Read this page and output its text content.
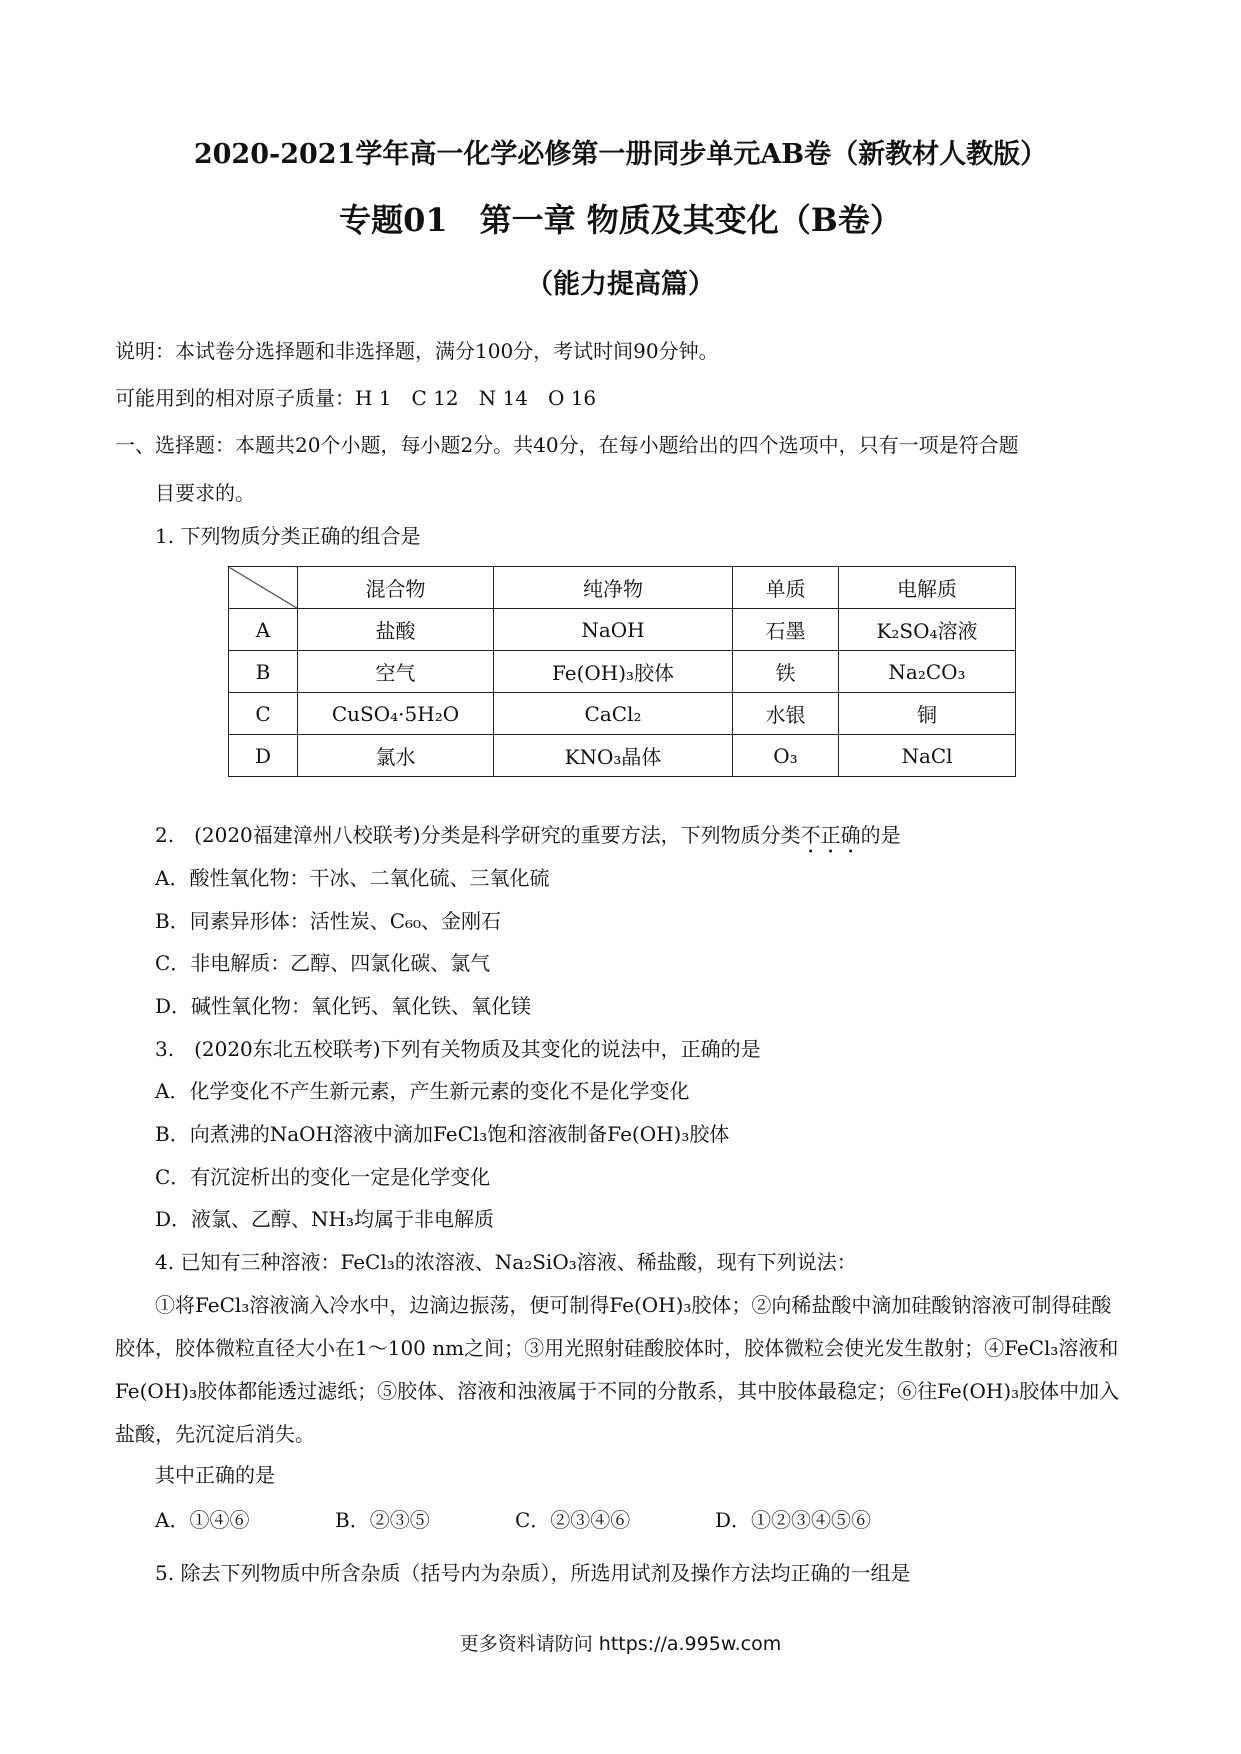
2020-2021学年高一化学必修第一册同步单元AB卷（新教材人教版）
专题01　第一章 物质及其变化（B卷）
（能力提高篇）
说明：本试卷分选择题和非选择题，满分100分，考试时间90分钟。
可能用到的相对原子质量：H 1　C 12　N 14　O 16
一、选择题：本题共20个小题，每小题2分。共40分，在每小题给出的四个选项中，只有一项是符合题
目要求的。
1. 下列物质分类正确的组合是
	混合物	纯净物	单质	电解质
A	盐酸	NaOH	石墨	K₂SO₄溶液
B	空气	Fe(OH)₃胶体	铁	Na₂CO₃
C	CuSO₄·5H₂O	CaCl₂	水银	铜
D	氯水	KNO₃晶体	O₃	NaCl
2.　(2020福建漳州八校联考)分类是科学研究的重要方法，下列物质分类不正确的是
A．酸性氧化物：干冰、二氧化硫、三氧化硫
B．同素异形体：活性炭、C₆₀、金刚石
C．非电解质：乙醇、四氯化碳、氯气
D．碱性氧化物：氧化钙、氧化铁、氧化镁
3.　(2020东北五校联考)下列有关物质及其变化的说法中，正确的是
A．化学变化不产生新元素，产生新元素的变化不是化学变化
B．向煮沸的NaOH溶液中滴加FeCl₃饱和溶液制备Fe(OH)₃胶体
C．有沉淀析出的变化一定是化学变化
D．液氯、乙醇、NH₃均属于非电解质
4. 已知有三种溶液：FeCl₃的浓溶液、Na₂SiO₃溶液、稀盐酸，现有下列说法：
①将FeCl₃溶液滴入冷水中，边滴边振荡，便可制得Fe(OH)₃胶体；②向稀盐酸中滴加硅酸钠溶液可制得硅酸胶体，胶体微粒直径大小在1～100 nm之间；③用光照射硅酸胶体时，胶体微粒会使光发生散射；④FeCl₃溶液和Fe(OH)₃胶体都能透过滤纸；⑤胶体、溶液和浊液属于不同的分散系，其中胶体最稳定；⑥往Fe(OH)₃胶体中加入盐酸，先沉淀后消失。
其中正确的是
A．①④⑥	B．②③⑤	C．②③④⑥	D．①②③④⑤⑥
5. 除去下列物质中所含杂质（括号内为杂质），所选用试剂及操作方法均正确的一组是
更多资料请防问 https://a.995w.com
